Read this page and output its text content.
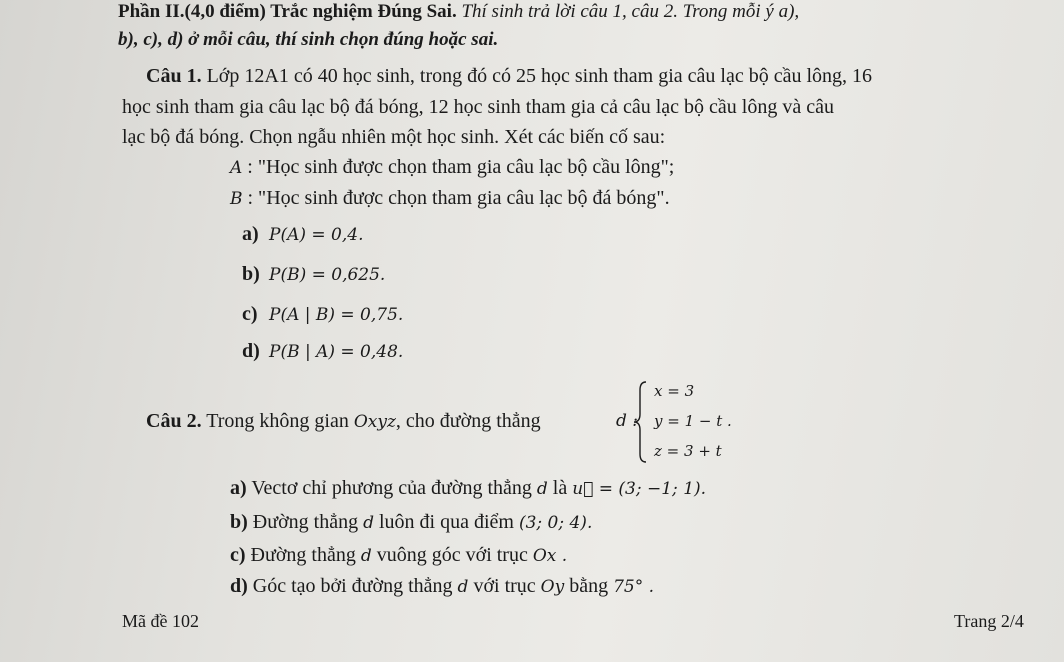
Phần II.(4,0 điểm) Trắc nghiệm Đúng Sai. Thí sinh trả lời câu 1, câu 2. Trong mỗi ý a),
b), c), d) ở mỗi câu, thí sinh chọn đúng hoặc sai.
Câu 1. Lớp 12A1 có 40 học sinh, trong đó có 25 học sinh tham gia câu lạc bộ cầu lông, 16
học sinh tham gia câu lạc bộ đá bóng, 12 học sinh tham gia cả câu lạc bộ cầu lông và câu
lạc bộ đá bóng. Chọn ngẫu nhiên một học sinh. Xét các biến cố sau:
A : "Học sinh được chọn tham gia câu lạc bộ cầu lông";
B : "Học sinh được chọn tham gia câu lạc bộ đá bóng".
a) P(A) = 0,4.
b) P(B) = 0,625.
c) P(A | B) = 0,75.
d) P(B | A) = 0,48.
Câu 2. Trong không gian Oxyz, cho đường thẳng	d :
x = 3
y = 1 − t .
z = 3 + t
a) Vectơ chỉ phương của đường thẳng d là u⃗ = (3; −1; 1).
b) Đường thẳng d luôn đi qua điểm (3; 0; 4).
c) Đường thẳng d vuông góc với trục Ox .
d) Góc tạo bởi đường thẳng d với trục Oy bằng 75° .
Mã đề 102	Trang 2/4
